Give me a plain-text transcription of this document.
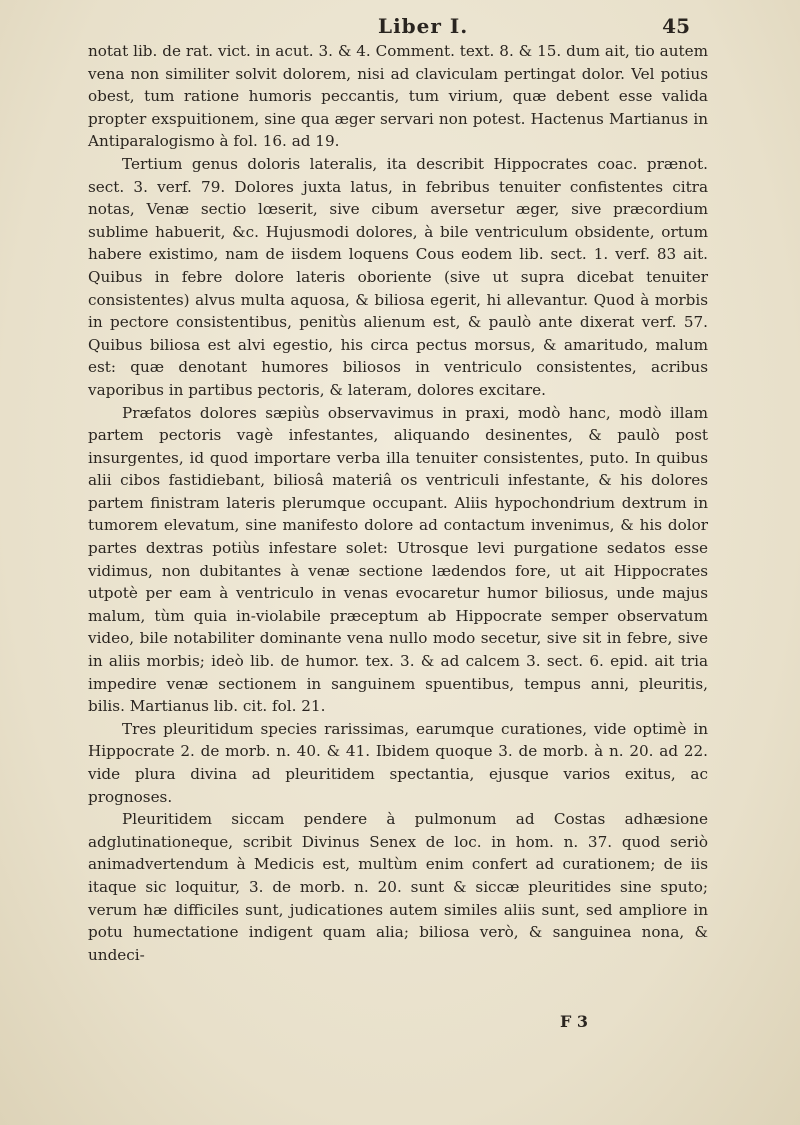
Liber I.	45

notat lib. de rat. vict. in acut. 3. & 4. Comment. text. 8. & 15. dum ait, tio autem vena non similiter solvit dolorem, nisi ad claviculam pertingat dolor. Vel potius obest, tum ratione humoris peccantis, tum virium, quæ debent esse valida propter exspuitionem, sine qua æger servari non potest. Hactenus Martianus in Antiparalogismo à fol. 16. ad 19.

Tertium genus doloris lateralis, ita describit Hippocrates coac. prænot. sect. 3. verf. 79. Dolores juxta latus, in febribus tenuiter confistentes citra notas, Venæ sectio lœserit, sive cibum aversetur æger, sive præcordium sublime habuerit, &c. Hujusmodi dolores, à bile ventriculum obsidente, ortum habere existimo, nam de iisdem loquens Cous eodem lib. sect. 1. verf. 83 ait. Quibus in febre dolore lateris oboriente (sive ut supra dicebat tenuiter consistentes) alvus multa aquosa, & biliosa egerit, hi allevantur. Quod à morbis in pectore consistentibus, penitùs alienum est, & paulò ante dixerat verf. 57. Quibus biliosa est alvi egestio, his circa pectus morsus, & amaritudo, malum est: quæ denotant humores biliosos in ventriculo consistentes, acribus vaporibus in partibus pectoris, & lateram, dolores excitare.

Præfatos dolores sæpiùs observavimus in praxi, modò hanc, modò illam partem pectoris vagè infestantes, aliquando desinentes, & paulò post insurgentes, id quod importare verba illa tenuiter consistentes, puto. In quibus alii cibos fastidiebant, biliosâ materiâ os ventriculi infestante, & his dolores partem finistram lateris plerumque occupant. Aliis hypochondrium dextrum in tumorem elevatum, sine manifesto dolore ad contactum invenimus, & his dolor partes dextras potiùs infestare solet: Utrosque levi purgatione sedatos esse vidimus, non dubitantes à venæ sectione lædendos fore, ut ait Hippocrates utpotè per eam à ventriculo in venas evocaretur humor biliosus, unde majus malum, tùm quia in-violabile præceptum ab Hippocrate semper observatum video, bile notabiliter dominante vena nullo modo secetur, sive sit in febre, sive in aliis morbis; ideò lib. de humor. tex. 3. & ad calcem 3. sect. 6. epid. ait tria impedire venæ sectionem in sanguinem spuentibus, tempus anni, pleuritis, bilis. Martianus lib. cit. fol. 21.

Tres pleuritidum species rarissimas, earumque curationes, vide optimè in Hippocrate 2. de morb. n. 40. & 41. Ibidem quoque 3. de morb. à n. 20. ad 22. vide plura divina ad pleuritidem spectantia, ejusque varios exitus, ac prognoses.

Pleuritidem siccam pendere à pulmonum ad Costas adhæsione adglutinationeque, scribit Divinus Senex de loc. in hom. n. 37. quod seriò animadvertendum à Medicis est, multùm enim confert ad curationem; de iis itaque sic loquitur, 3. de morb. n. 20. sunt & siccæ pleuritides sine sputo; verum hæ difficiles sunt, judicationes autem similes aliis sunt, sed ampliore in potu humectatione indigent quam alia; biliosa verò, & sanguinea nona, & undeci-

F 3
